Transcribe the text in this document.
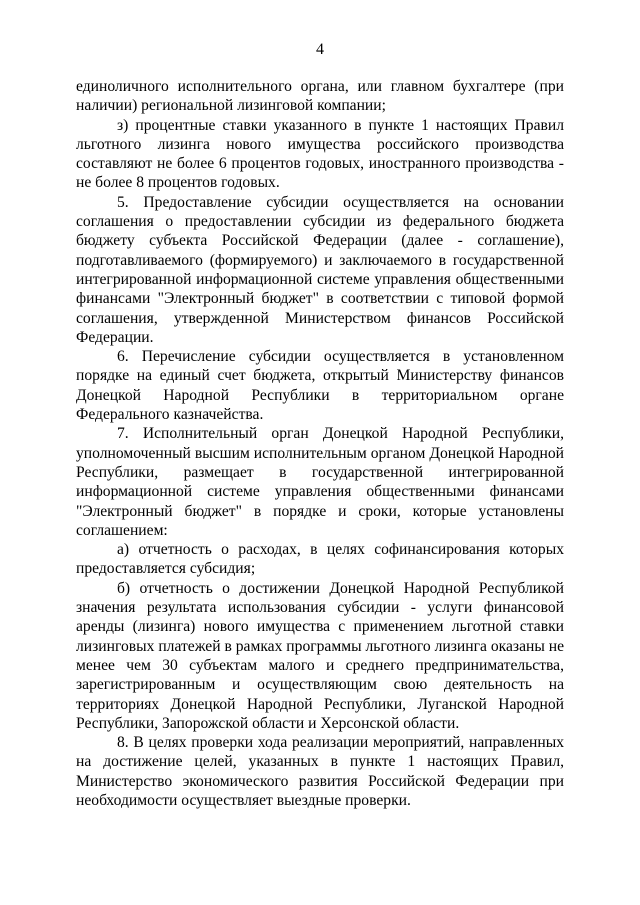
4

единоличного исполнительного органа, или главном бухгалтере (при наличии) региональной лизинговой компании;

з) процентные ставки указанного в пункте 1 настоящих Правил льготного лизинга нового имущества российского производства составляют не более 6 процентов годовых, иностранного производства - не более 8 процентов годовых.

5. Предоставление субсидии осуществляется на основании соглашения о предоставлении субсидии из федерального бюджета бюджету субъекта Российской Федерации (далее - соглашение), подготавливаемого (формируемого) и заключаемого в государственной интегрированной информационной системе управления общественными финансами "Электронный бюджет" в соответствии с типовой формой соглашения, утвержденной Министерством финансов Российской Федерации.

6. Перечисление субсидии осуществляется в установленном порядке на единый счет бюджета, открытый Министерству финансов Донецкой Народной Республики в территориальном органе Федерального казначейства.

7. Исполнительный орган Донецкой Народной Республики, уполномоченный высшим исполнительным органом Донецкой Народной Республики, размещает в государственной интегрированной информационной системе управления общественными финансами "Электронный бюджет" в порядке и сроки, которые установлены соглашением:

а) отчетность о расходах, в целях софинансирования которых предоставляется субсидия;

б) отчетность о достижении Донецкой Народной Республикой значения результата использования субсидии - услуги финансовой аренды (лизинга) нового имущества с применением льготной ставки лизинговых платежей в рамках программы льготного лизинга оказаны не менее чем 30 субъектам малого и среднего предпринимательства, зарегистрированным и осуществляющим свою деятельность на территориях Донецкой Народной Республики, Луганской Народной Республики, Запорожской области и Херсонской области.

8. В целях проверки хода реализации мероприятий, направленных на достижение целей, указанных в пункте 1 настоящих Правил, Министерство экономического развития Российской Федерации при необходимости осуществляет выездные проверки.
